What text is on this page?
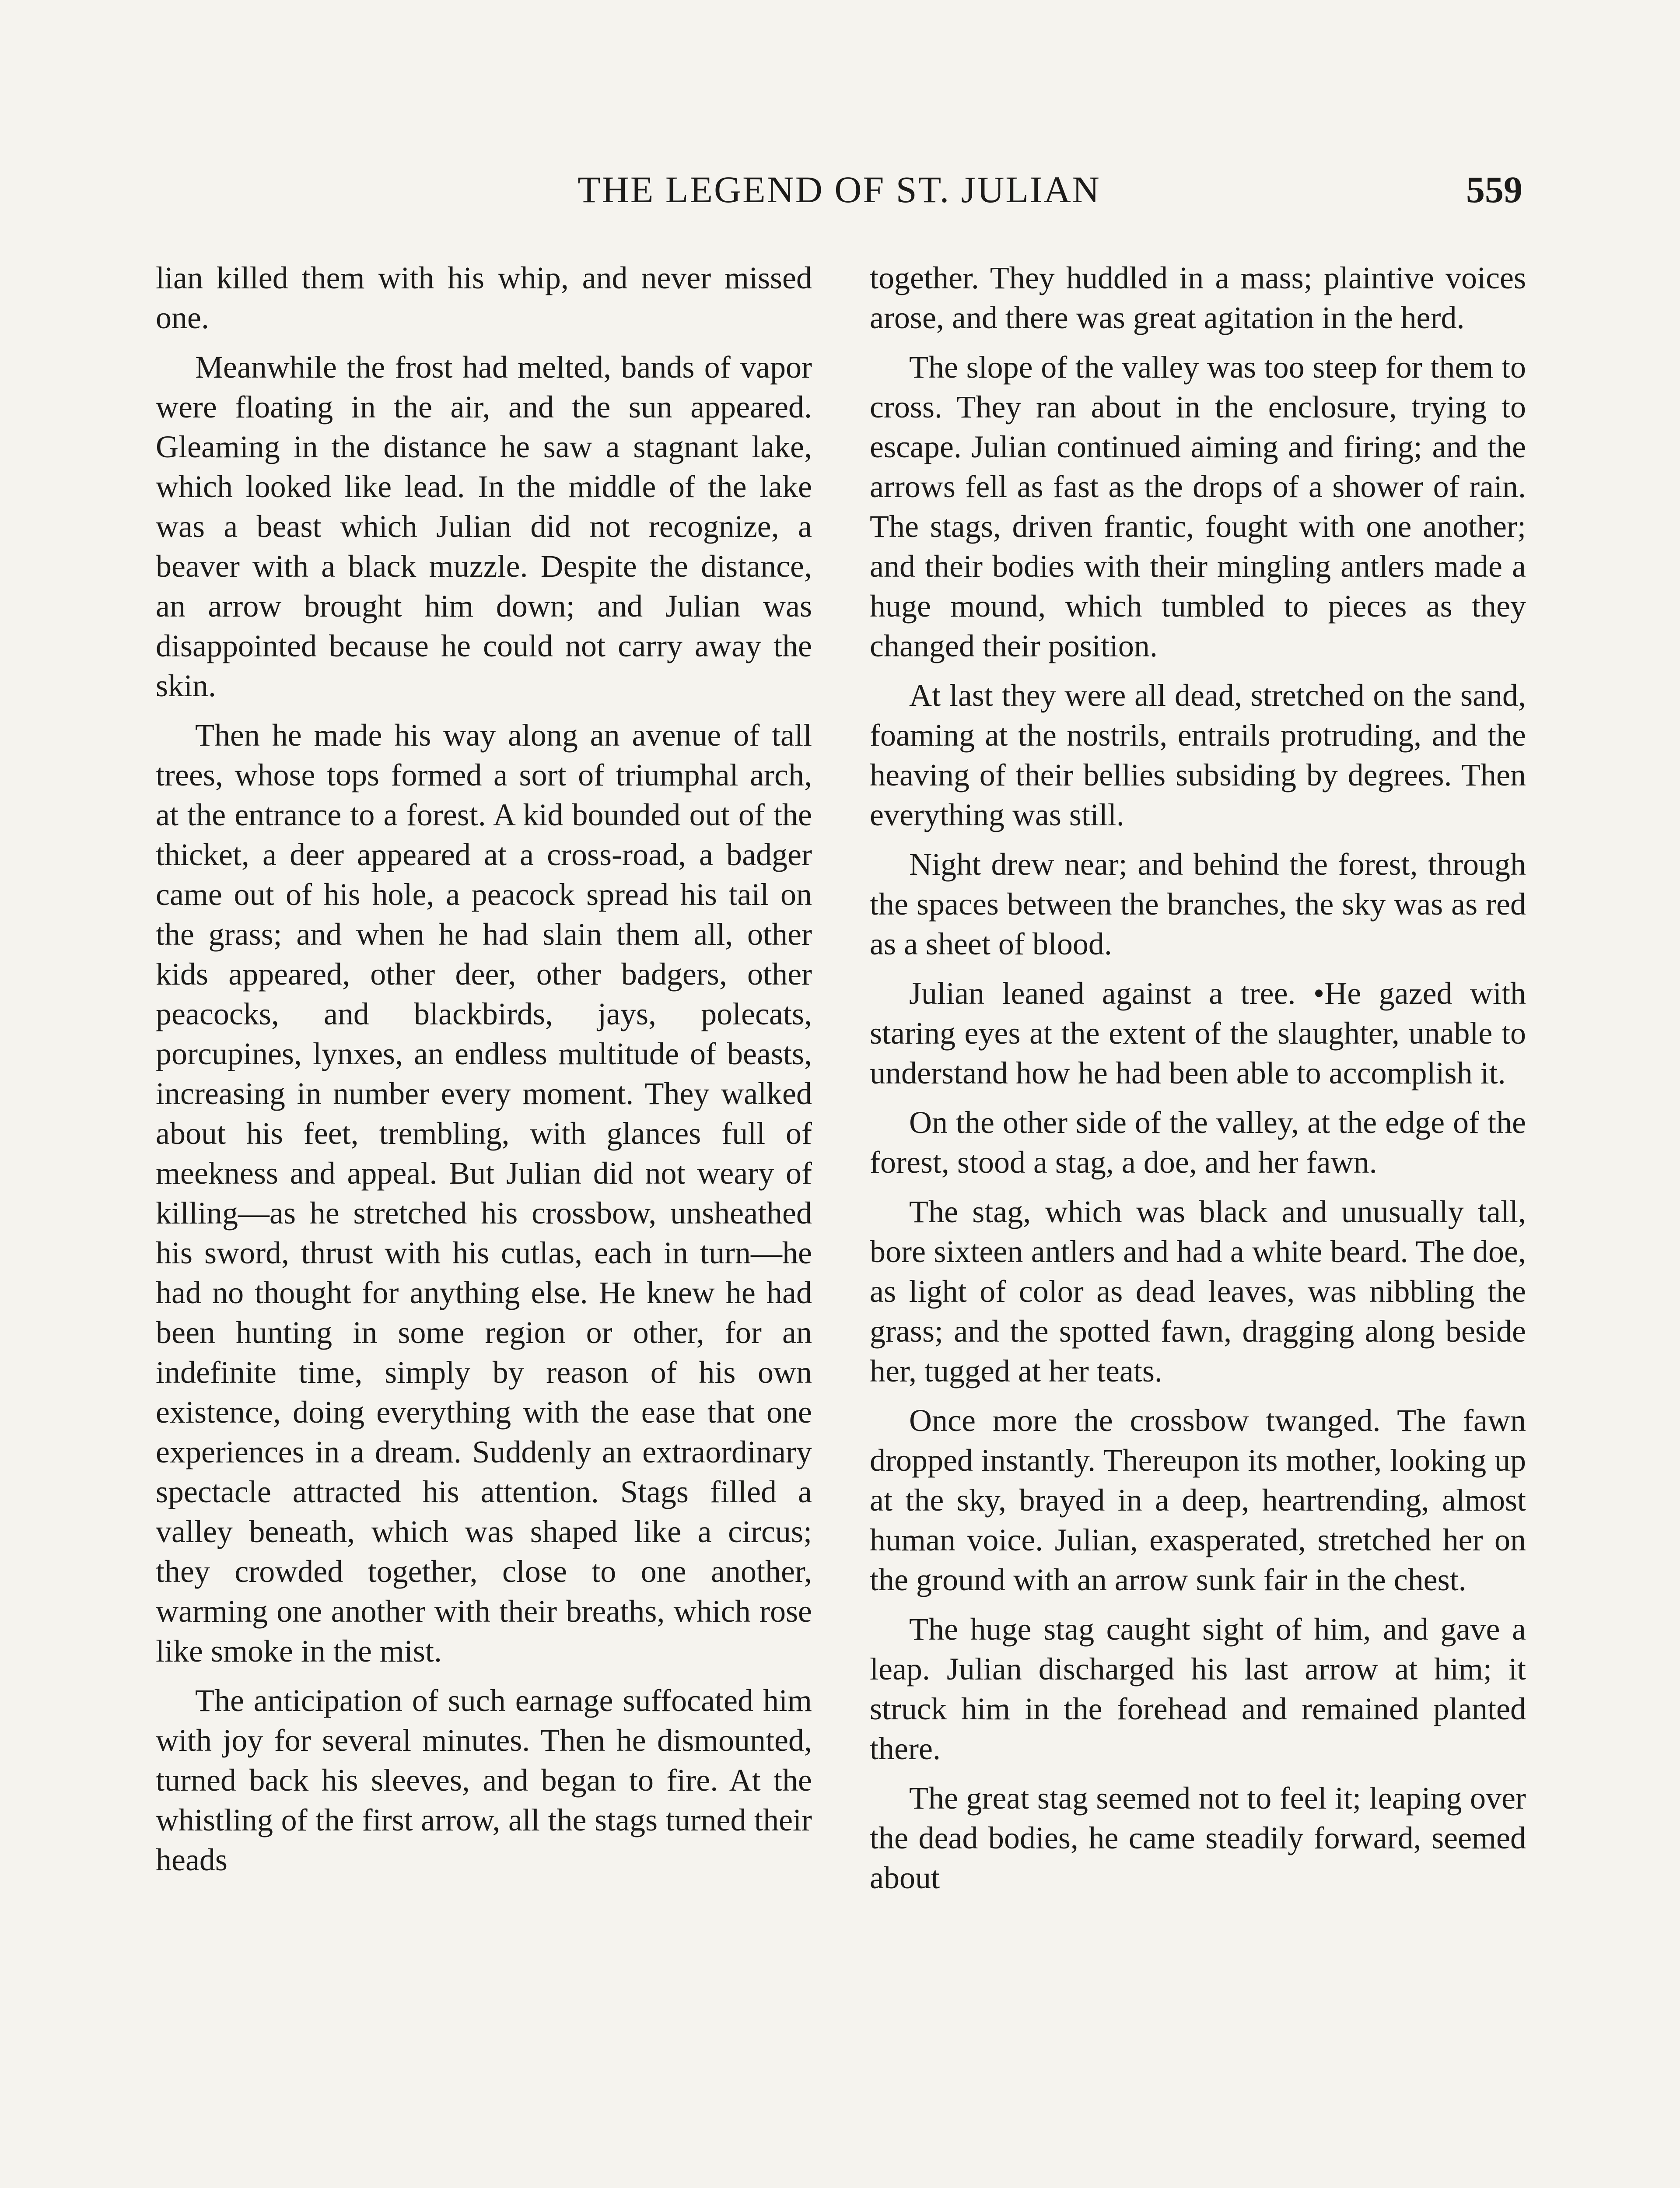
THE LEGEND OF ST. JULIAN	559

lian killed them with his whip, and never missed one.

Meanwhile the frost had melted, bands of vapor were floating in the air, and the sun appeared. Gleaming in the distance he saw a stagnant lake, which looked like lead. In the middle of the lake was a beast which Julian did not recognize, a beaver with a black muzzle. Despite the distance, an arrow brought him down; and Julian was disappointed because he could not carry away the skin.

Then he made his way along an avenue of tall trees, whose tops formed a sort of triumphal arch, at the entrance to a forest. A kid bounded out of the thicket, a deer appeared at a cross-road, a badger came out of his hole, a peacock spread his tail on the grass; and when he had slain them all, other kids appeared, other deer, other badgers, other peacocks, and blackbirds, jays, polecats, porcupines, lynxes, an endless multitude of beasts, increasing in number every moment. They walked about his feet, trembling, with glances full of meekness and appeal. But Julian did not weary of killing—as he stretched his crossbow, unsheathed his sword, thrust with his cutlas, each in turn—he had no thought for anything else. He knew he had been hunting in some region or other, for an indefinite time, simply by reason of his own existence, doing everything with the ease that one experiences in a dream. Suddenly an extraordinary spectacle attracted his attention. Stags filled a valley beneath, which was shaped like a circus; they crowded together, close to one another, warming one another with their breaths, which rose like smoke in the mist.

The anticipation of such earnage suffocated him with joy for several minutes. Then he dismounted, turned back his sleeves, and began to fire. At the whistling of the first arrow, all the stags turned their heads

together. They huddled in a mass; plaintive voices arose, and there was great agitation in the herd.

The slope of the valley was too steep for them to cross. They ran about in the enclosure, trying to escape. Julian continued aiming and firing; and the arrows fell as fast as the drops of a shower of rain. The stags, driven frantic, fought with one another; and their bodies with their mingling antlers made a huge mound, which tumbled to pieces as they changed their position.

At last they were all dead, stretched on the sand, foaming at the nostrils, entrails protruding, and the heaving of their bellies subsiding by degrees. Then everything was still.

Night drew near; and behind the forest, through the spaces between the branches, the sky was as red as a sheet of blood.

Julian leaned against a tree. •He gazed with staring eyes at the extent of the slaughter, unable to understand how he had been able to accomplish it.

On the other side of the valley, at the edge of the forest, stood a stag, a doe, and her fawn.

The stag, which was black and unusually tall, bore sixteen antlers and had a white beard. The doe, as light of color as dead leaves, was nibbling the grass; and the spotted fawn, dragging along beside her, tugged at her teats.

Once more the crossbow twanged. The fawn dropped instantly. Thereupon its mother, looking up at the sky, brayed in a deep, heartrending, almost human voice. Julian, exasperated, stretched her on the ground with an arrow sunk fair in the chest.

The huge stag caught sight of him, and gave a leap. Julian discharged his last arrow at him; it struck him in the forehead and remained planted there.

The great stag seemed not to feel it; leaping over the dead bodies, he came steadily forward, seemed about
